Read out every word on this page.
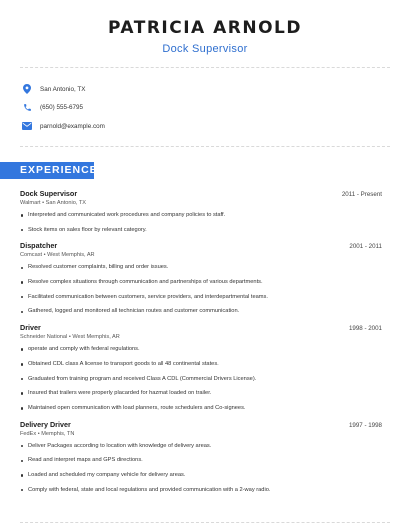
PATRICIA ARNOLD
Dock Supervisor
San Antonio, TX
(650) 555-6795
parnold@example.com
EXPERIENCE
Dock Supervisor	2011 - Present
Walmart • San Antonio, TX
Interpreted and communicated work procedures and company policies to staff.
Stock items on sales floor by relevant category.
Dispatcher	2001 - 2011
Comcast • West Memphis, AR
Resolved customer complaints, billing and order issues.
Resolve complex situations through communication and partnerships of various departments.
Facilitated communication between customers, service providers, and interdepartmental teams.
Gathered, logged and monitored all technician routes and customer communication.
Driver	1998 - 2001
Schneider National • West Memphis, AR
operate and comply with federal regulations.
Obtained CDL class A license to transport goods to all 48 continental states.
Graduated from training program and received Class A CDL (Commercial Drivers License).
Insured that trailers were properly placarded for hazmat loaded on trailer.
Maintained open communication with load planners, route schedulers and Co-signees.
Delivery Driver	1997 - 1998
FedEx • Memphis, TN
Deliver Packages according to location with knowledge of delivery areas.
Read and interpret maps and GPS directions.
Loaded and scheduled my company vehicle for delivery areas.
Comply with federal, state and local regulations and provided communication with a 2-way radio.
